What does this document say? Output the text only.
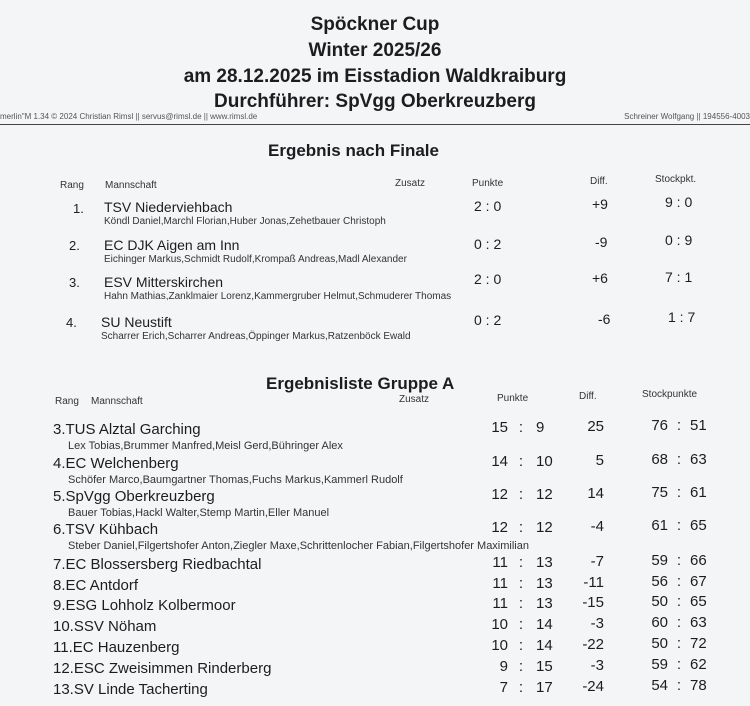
Spöckner Cup
Winter 2025/26
am 28.12.2025 im Eisstadion Waldkraiburg
Durchführer: SpVgg Oberkreuzberg
merlin"M 1.34 © 2024 Christian Rimsl || servus@rimsl.de || www.rimsl.de	Schreiner Wolfgang || 194556-4003
Ergebnis nach Finale
Rang Mannschaft	Zusatz	Punkte	Diff.	Stockpkt.
1. TSV Niederviehbach
Köndl Daniel,Marchl Florian,Huber Jonas,Zehetbauer Christoph
2 : 0	+9	9 : 0
2. EC DJK Aigen am Inn
Eichinger Markus,Schmidt Rudolf,Krompaß Andreas,Madl Alexander
0 : 2	-9	0 : 9
3. ESV Mitterskirchen
Hahn Mathias,Zanklmaier Lorenz,Kammergruber Helmut,Schmuderer Thomas
2 : 0	+6	7 : 1
4. SU Neustift
Scharrer Erich,Scharrer Andreas,Öppinger Markus,Ratzenböck Ewald
0 : 2	-6	1 : 7
Ergebnisliste Gruppe A
Rang Mannschaft	Zusatz	Punkte	Diff.	Stockpunkte
3.TUS Alztal Garching
Lex Tobias,Brummer Manfred,Meisl Gerd,Bühringer Alex
15 : 9	25	76 : 51
4.EC Welchenberg
Schöfer Marco,Baumgartner Thomas,Fuchs Markus,Kammerl Rudolf
14 : 10	5	68 : 63
5.SpVgg Oberkreuzberg
Bauer Tobias,Hackl Walter,Stemp Martin,Eller Manuel
12 : 12	14	75 : 61
6.TSV Kühbach
Steber Daniel,Filgertshofer Anton,Ziegler Maxe,Schrittenlocher Fabian,Filgertshofer Maximilian
12 : 12	-4	61 : 65
7.EC Blossersberg Riedbachtal	11 : 13	-7	59 : 66
8.EC Antdorf	11 : 13	-11	56 : 67
9.ESG Lohholz Kolbermoor	11 : 13	-15	50 : 65
10.SSV Nöham	10 : 14	-3	60 : 63
11.EC Hauzenberg	10 : 14	-22	50 : 72
12.ESC Zweisimmen Rinderberg	9 : 15	-3	59 : 62
13.SV Linde Tacherting	7 : 17	-24	54 : 78
